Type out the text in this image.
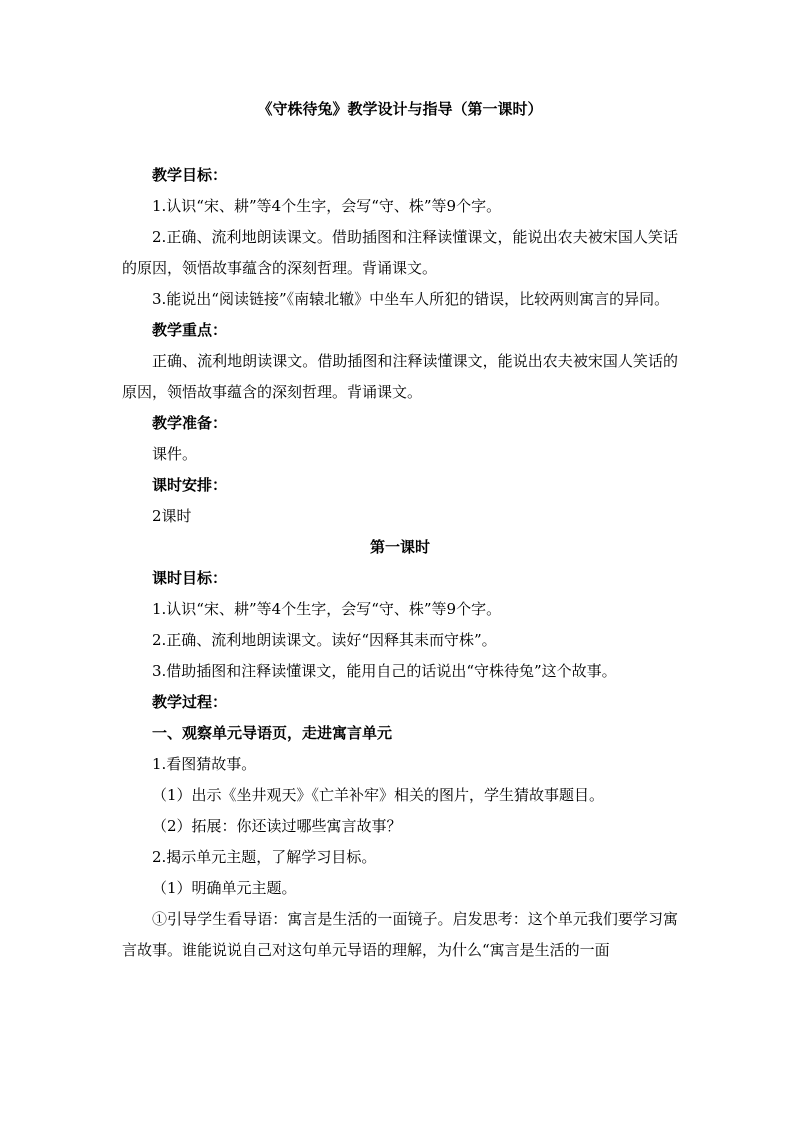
《守株待兔》教学设计与指导（第一课时）

教学目标：

1.认识“宋、耕”等4个生字，会写“守、株”等9个字。

2.正确、流利地朗读课文。借助插图和注释读懂课文，能说出农夫被宋国人笑话的原因，领悟故事蕴含的深刻哲理。背诵课文。

3.能说出“阅读链接”《南辕北辙》中坐车人所犯的错误，比较两则寓言的异同。

教学重点：

正确、流利地朗读课文。借助插图和注释读懂课文，能说出农夫被宋国人笑话的原因，领悟故事蕴含的深刻哲理。背诵课文。

教学准备：

课件。

课时安排：

2课时

第一课时

课时目标：

1.认识“宋、耕”等4个生字，会写“守、株”等9个字。

2.正确、流利地朗读课文。读好“因释其耒而守株”。

3.借助插图和注释读懂课文，能用自己的话说出“守株待兔”这个故事。

教学过程：

一、观察单元导语页，走进寓言单元

1.看图猜故事。

（1）出示《坐井观天》《亡羊补牢》相关的图片，学生猜故事题目。

（2）拓展：你还读过哪些寓言故事？

2.揭示单元主题，了解学习目标。

（1）明确单元主题。

①引导学生看导语：寓言是生活的一面镜子。启发思考：这个单元我们要学习寓言故事。谁能说说自己对这句单元导语的理解，为什么“寓言是生活的一面
